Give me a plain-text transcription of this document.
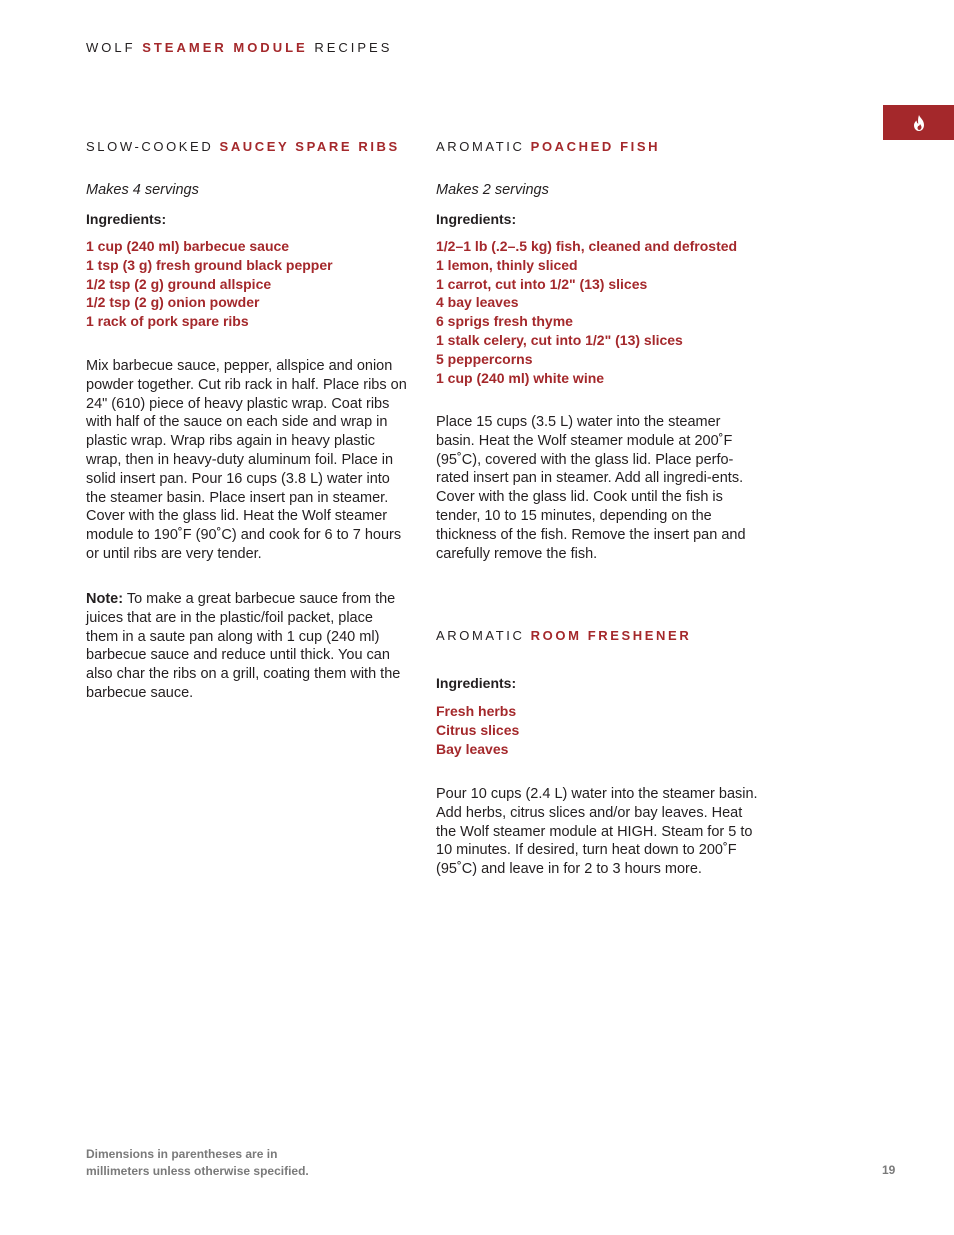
WOLF STEAMER MODULE RECIPES
SLOW-COOKED SAUCEY SPARE RIBS
Makes 4 servings
Ingredients:
1 cup (240 ml) barbecue sauce
1 tsp (3 g) fresh ground black pepper
1/2 tsp (2 g) ground allspice
1/2 tsp (2 g) onion powder
1 rack of pork spare ribs

Mix barbecue sauce, pepper, allspice and onion powder together. Cut rib rack in half. Place ribs on 24" (610) piece of heavy plastic wrap. Coat ribs with half of the sauce on each side and wrap in plastic wrap. Wrap ribs again in heavy plastic wrap, then in heavy-duty aluminum foil. Place in solid insert pan. Pour 16 cups (3.8 L) water into the steamer basin. Place insert pan in steamer. Cover with the glass lid. Heat the Wolf steamer module to 190˚F (90˚C) and cook for 6 to 7 hours or until ribs are very tender.

Note: To make a great barbecue sauce from the juices that are in the plastic/foil packet, place them in a saute pan along with 1 cup (240 ml) barbecue sauce and reduce until thick. You can also char the ribs on a grill, coating them with the barbecue sauce.

AROMATIC POACHED FISH
Makes 2 servings
Ingredients:
1/2–1 lb (.2–.5 kg) fish, cleaned and defrosted
1 lemon, thinly sliced
1 carrot, cut into 1/2" (13) slices
4 bay leaves
6 sprigs fresh thyme
1 stalk celery, cut into 1/2" (13) slices
5 peppercorns
1 cup (240 ml) white wine

Place 15 cups (3.5 L) water into the steamer basin. Heat the Wolf steamer module at 200˚F (95˚C), covered with the glass lid. Place perfo-rated insert pan in steamer. Add all ingredi-ents. Cover with the glass lid. Cook until the fish is tender, 10 to 15 minutes, depending on the thickness of the fish. Remove the insert pan and carefully remove the fish.

AROMATIC ROOM FRESHENER
Ingredients:
Fresh herbs
Citrus slices
Bay leaves

Pour 10 cups (2.4 L) water into the steamer basin. Add herbs, citrus slices and/or bay leaves. Heat the Wolf steamer module at HIGH. Steam for 5 to 10 minutes. If desired, turn heat down to 200˚F (95˚C) and leave in for 2 to 3 hours more.

Dimensions in parentheses are in
millimeters unless otherwise specified.	19
